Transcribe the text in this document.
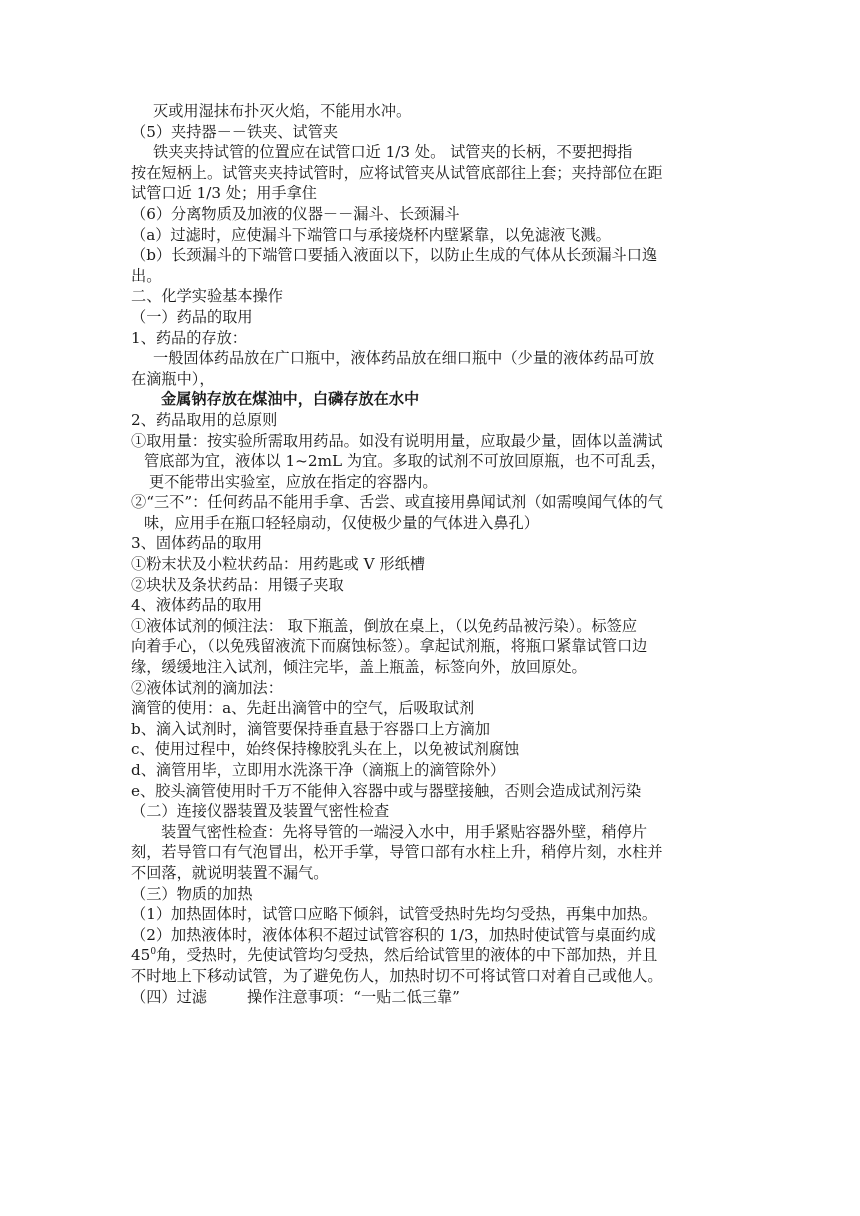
灭或用湿抹布扑灭火焰，不能用水冲。
（5）夹持器－－铁夹、试管夹
铁夹夹持试管的位置应在试管口近 1/3 处。 试管夹的长柄，不要把拇指
按在短柄上。试管夹夹持试管时，应将试管夹从试管底部往上套；夹持部位在距
试管口近 1/3 处；用手拿住
（6）分离物质及加液的仪器－－漏斗、长颈漏斗
（a）过滤时，应使漏斗下端管口与承接烧杯内壁紧靠，以免滤液飞溅。
（b）长颈漏斗的下端管口要插入液面以下，以防止生成的气体从长颈漏斗口逸
出。
二、化学实验基本操作
（一）药品的取用
1、药品的存放：
一般固体药品放在广口瓶中，液体药品放在细口瓶中（少量的液体药品可放
在滴瓶中），
金属钠存放在煤油中，白磷存放在水中
2、药品取用的总原则
①取用量：按实验所需取用药品。如没有说明用量，应取最少量，固体以盖满试
管底部为宜，液体以 1~2mL 为宜。多取的试剂不可放回原瓶，也不可乱丢，
更不能带出实验室，应放在指定的容器内。
②“三不”：任何药品不能用手拿、舌尝、或直接用鼻闻试剂（如需嗅闻气体的气
味，应用手在瓶口轻轻扇动，仅使极少量的气体进入鼻孔）
3、固体药品的取用
①粉末状及小粒状药品：用药匙或 V 形纸槽
②块状及条状药品：用镊子夹取
4、液体药品的取用
①液体试剂的倾注法： 取下瓶盖，倒放在桌上，（以免药品被污染）。标签应
向着手心，（以免残留液流下而腐蚀标签）。拿起试剂瓶，将瓶口紧靠试管口边
缘，缓缓地注入试剂，倾注完毕，盖上瓶盖，标签向外，放回原处。
②液体试剂的滴加法：
滴管的使用：a、先赶出滴管中的空气，后吸取试剂
b、滴入试剂时，滴管要保持垂直悬于容器口上方滴加
c、使用过程中，始终保持橡胶乳头在上，以免被试剂腐蚀
d、滴管用毕，立即用水洗涤干净（滴瓶上的滴管除外）
e、胶头滴管使用时千万不能伸入容器中或与器壁接触，否则会造成试剂污染
（二）连接仪器装置及装置气密性检查
装置气密性检查：先将导管的一端浸入水中，用手紧贴容器外壁，稍停片
刻，若导管口有气泡冒出，松开手掌，导管口部有水柱上升，稍停片刻，水柱并
不回落，就说明装置不漏气。
（三）物质的加热
（1）加热固体时，试管口应略下倾斜，试管受热时先均匀受热，再集中加热。
（2）加热液体时，液体体积不超过试管容积的 1/3，加热时使试管与桌面约成
$45^0$角，受热时，先使试管均匀受热，然后给试管里的液体的中下部加热，并且
不时地上下移动试管，为了避免伤人，加热时切不可将试管口对着自己或他人。
（四）过滤	操作注意事项：“一贴二低三靠”
